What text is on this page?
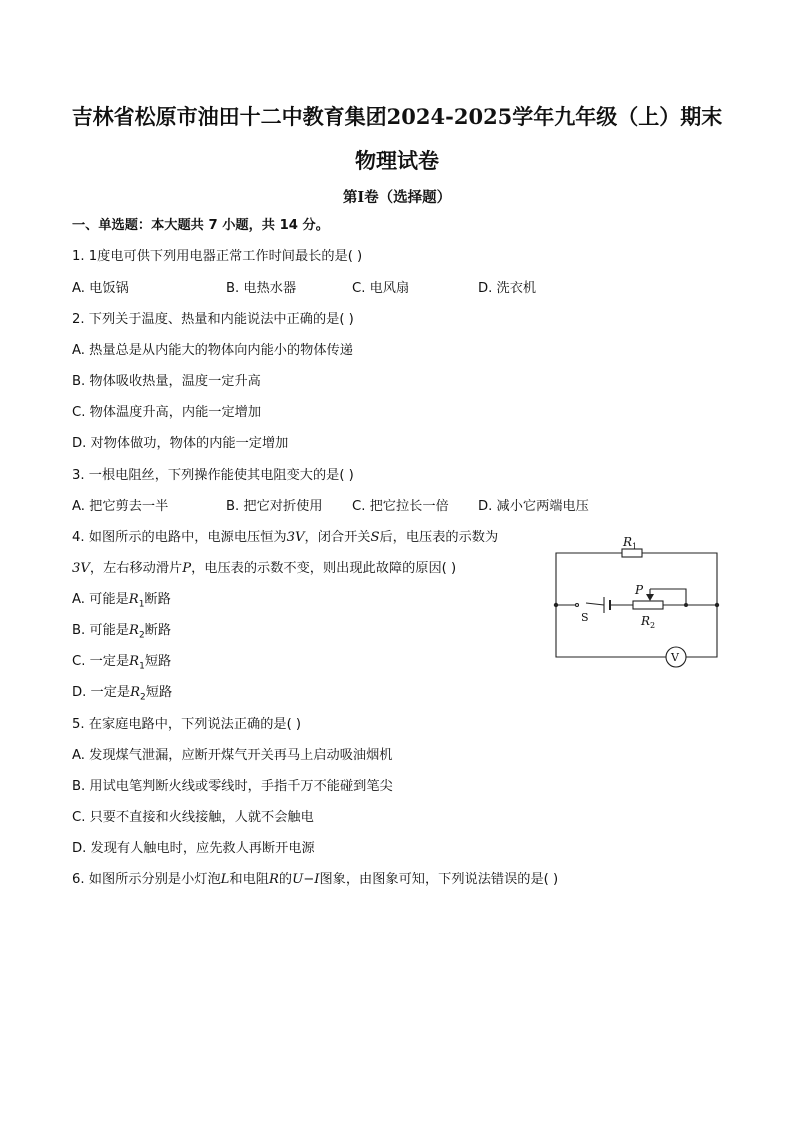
吉林省松原市油田十二中教育集团2024-2025学年九年级（上）期末
物理试卷
第I卷（选择题）
一、单选题：本大题共 7 小题，共 14 分。
1. 1度电可供下列用电器正常工作时间最长的是( )
A. 电饭锅	B. 电热水器	C. 电风扇	D. 洗衣机
2. 下列关于温度、热量和内能说法中正确的是( )
A. 热量总是从内能大的物体向内能小的物体传递
B. 物体吸收热量，温度一定升高
C. 物体温度升高，内能一定增加
D. 对物体做功，物体的内能一定增加
3. 一根电阻丝，下列操作能使其电阻变大的是( )
A. 把它剪去一半	B. 把它对折使用 C. 把它拉长一倍 D. 减小它两端电压
4. 如图所示的电路中，电源电压恒为3V，闭合开关S后，电压表的示数为
3V，左右移动滑片P，电压表的示数不变，则出现此故障的原因( )
A. 可能是$R_1$断路
B. 可能是$R_2$断路
C. 一定是$R_1$短路
D. 一定是$R_2$短路
$R_1$
P
$R_2$
S
V
5. 在家庭电路中，下列说法正确的是( )
A. 发现煤气泄漏，应断开煤气开关再马上启动吸油烟机
B. 用试电笔判断火线或零线时，手指千万不能碰到笔尖
C. 只要不直接和火线接触，人就不会触电
D. 发现有人触电时，应先救人再断开电源
6. 如图所示分别是小灯泡L和电阻R的U−I图象，由图象可知，下列说法错误的是( )
